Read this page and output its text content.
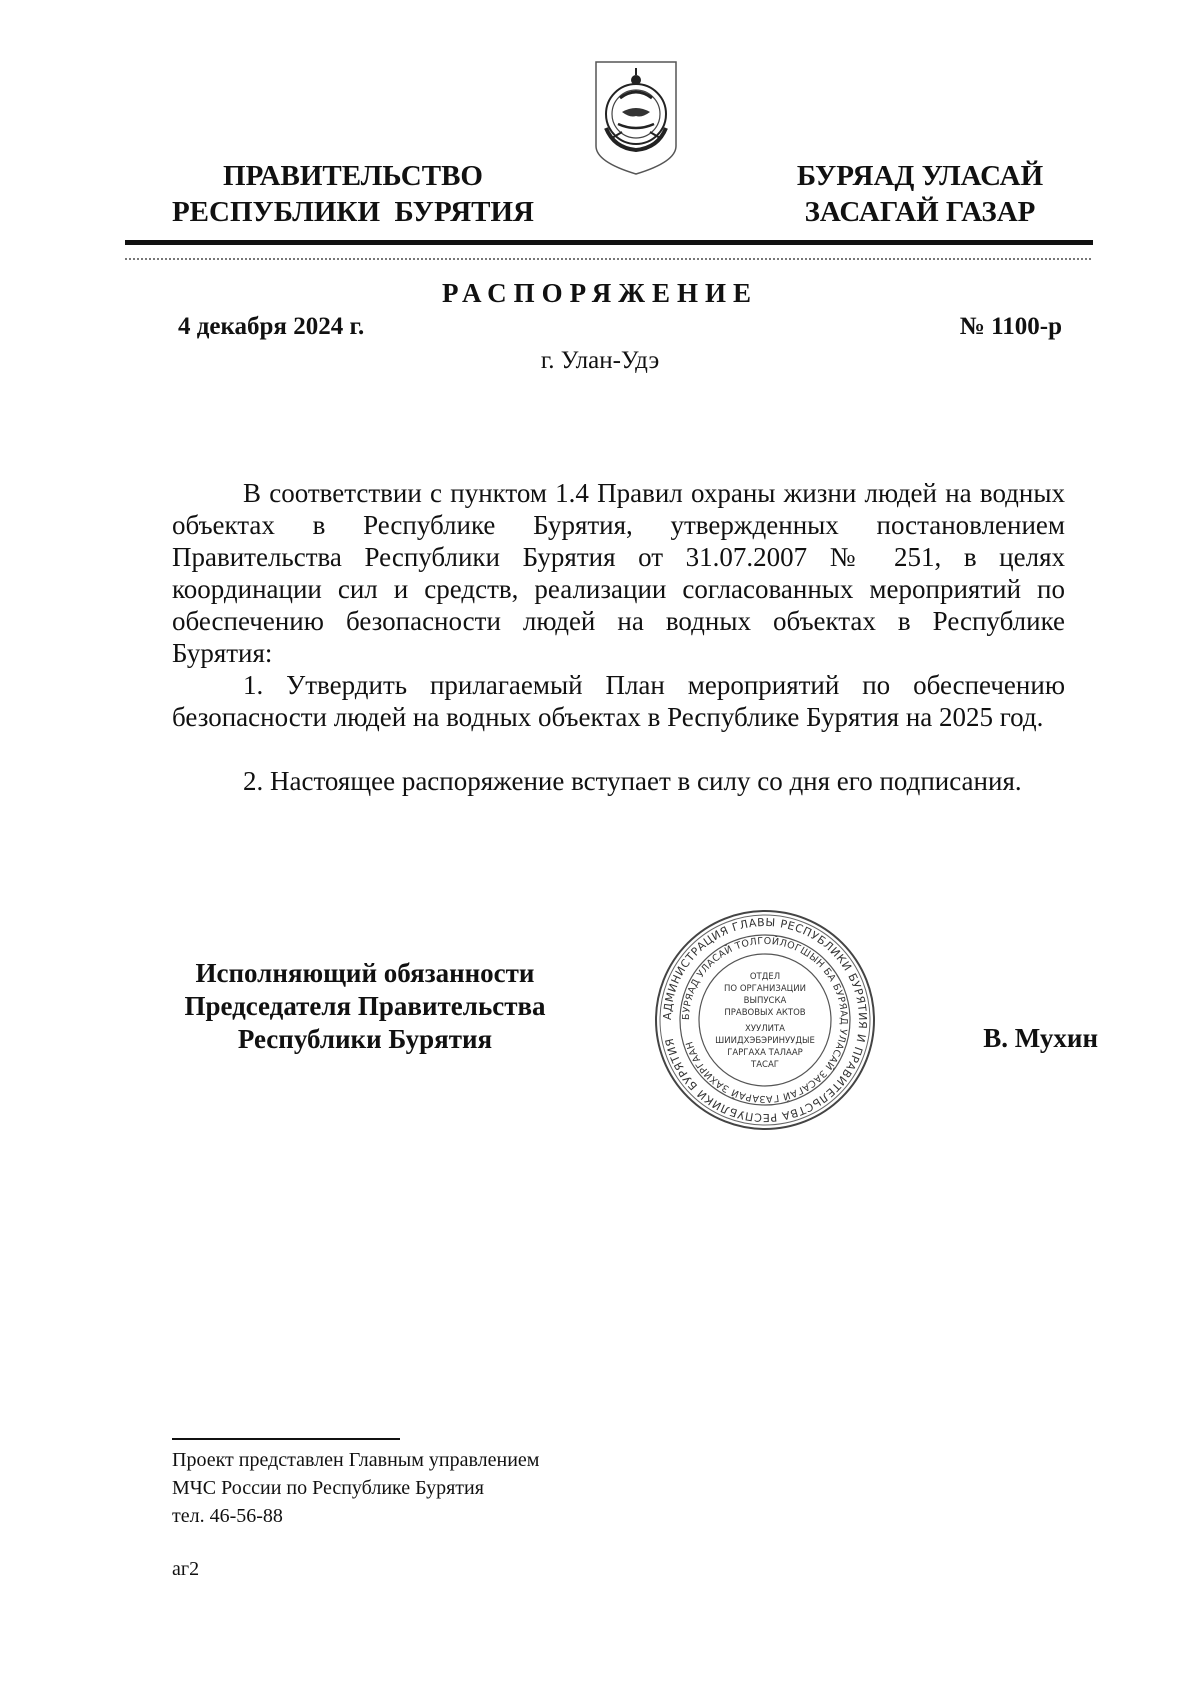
ПРАВИТЕЛЬСТВО
РЕСПУБЛИКИ  БУРЯТИЯ
БУРЯАД УЛАСАЙ
ЗАСАГАЙ ГАЗАР
РАСПОРЯЖЕНИЕ
4 декабря 2024 г.	№ 1100-р
г. Улан-Удэ

В соответствии с пунктом 1.4 Правил охраны жизни людей на водных объектах в Республике Бурятия, утвержденных постановлением Правительства Республики Бурятия от 31.07.2007 № 251, в целях координации сил и средств, реализации согласованных мероприятий по обеспечению безопасности людей на водных объектах в Республике Бурятия:

1. Утвердить прилагаемый План мероприятий по обеспечению безопасности людей на водных объектах в Республике Бурятия на 2025 год.

2. Настоящее распоряжение вступает в силу со дня его подписания.

Исполняющий обязанности
Председателя Правительства
Республики Бурятия
АДМИНИСТРАЦИЯ ГЛАВЫ РЕСПУБЛИКИ БУРЯТИЯ И ПРАВИТЕЛЬСТВА РЕСПУБЛИКИ БУРЯТИЯ
БУРЯАД УЛАСАЙ ТОЛГОЙЛОГШЫН БА БУРЯАД УЛАСАЙ ЗАСАГАЙ ГАЗАРАЙ ЗАХИРГААН
ОТДЕЛ
ПО ОРГАНИЗАЦИИ
ВЫПУСКА
ПРАВОВЫХ АКТОВ
ХУУЛИТА
ШИИДХЭБЭРИНУУДЫЕ
ГАРГАХА ТАЛААР
ТАСАГ
В. Мухин
Проект представлен Главным управлением
МЧС России по Республике Бурятия
тел. 46-56-88
аг2
